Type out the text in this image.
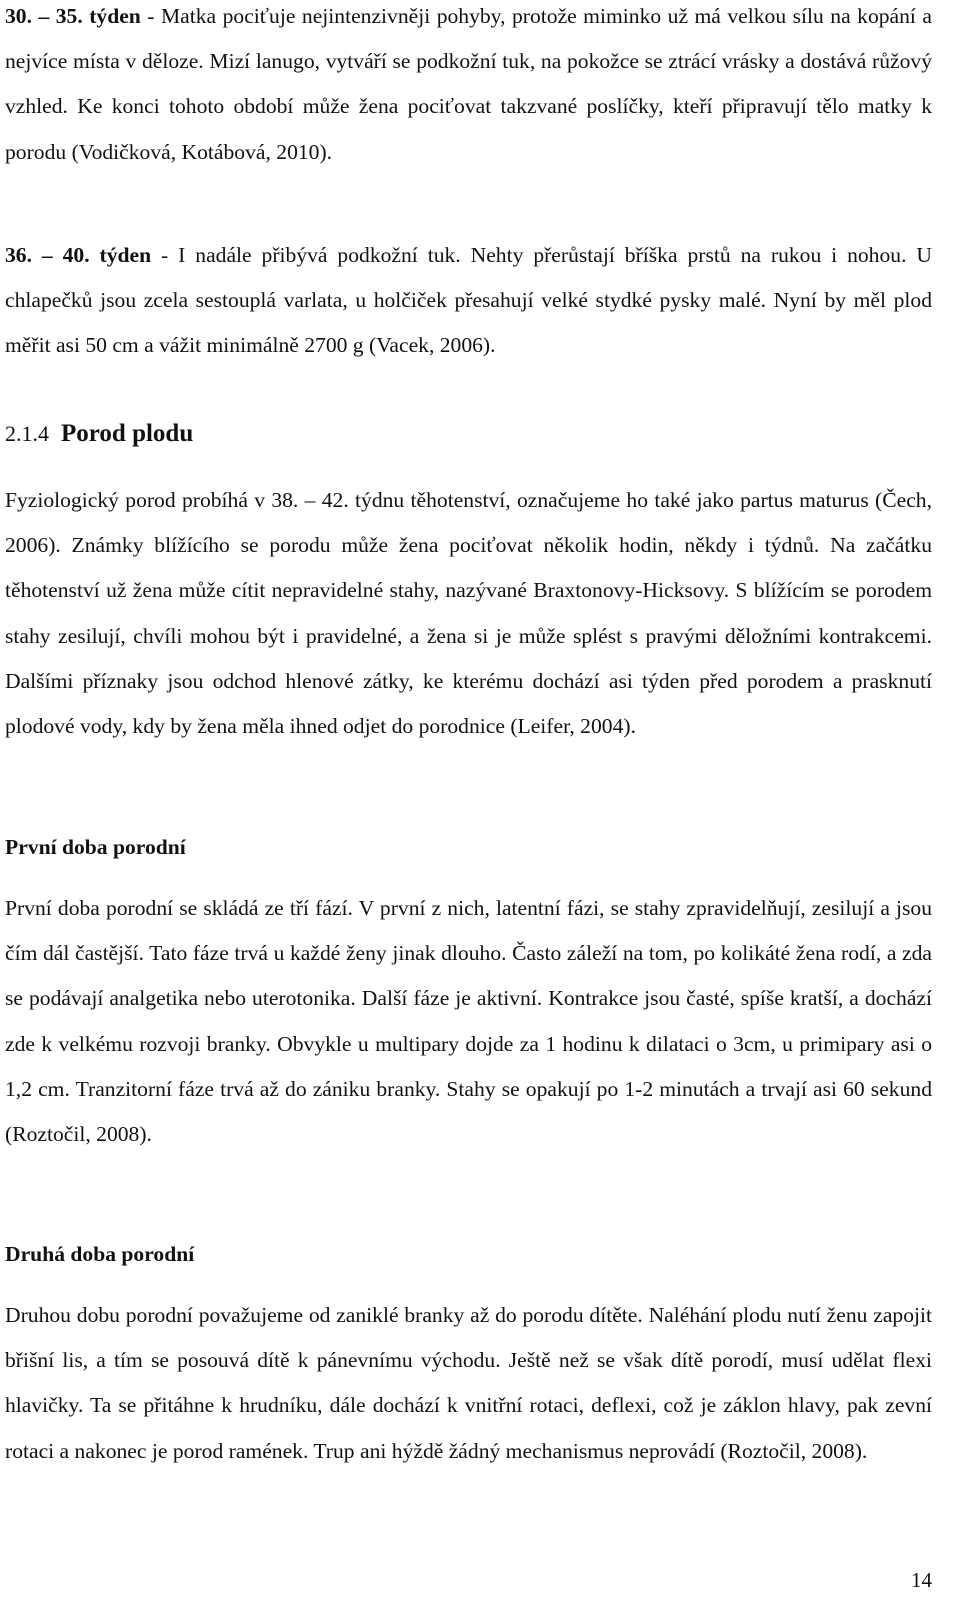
30. – 35. týden - Matka pociťuje nejintenzivněji pohyby, protože miminko už má velkou sílu na kopání a nejvíce místa v děloze. Mizí lanugo, vytváří se podkožní tuk, na pokožce se ztrácí vrásky a dostává růžový vzhled. Ke konci tohoto období může žena pociťovat takzvané poslíčky, kteří připravují tělo matky k porodu (Vodičková, Kotábová, 2010).

36. – 40. týden - I nadále přibývá podkožní tuk. Nehty přerůstají bříška prstů na rukou i nohou. U chlapečků jsou zcela sestouplá varlata, u holčiček přesahují velké stydké pysky malé. Nyní by měl plod měřit asi 50 cm a vážit minimálně 2700 g (Vacek, 2006).

2.1.4 Porod plodu

Fyziologický porod probíhá v 38. – 42. týdnu těhotenství, označujeme ho také jako partus maturus (Čech, 2006). Známky blížícího se porodu může žena pociťovat několik hodin, někdy i týdnů. Na začátku těhotenství už žena může cítit nepravidelné stahy, nazývané Braxtonovy-Hicksovy. S blížícím se porodem stahy zesilují, chvíli mohou být i pravidelné, a žena si je může splést s pravými děložními kontrakcemi. Dalšími příznaky jsou odchod hlenové zátky, ke kterému dochází asi týden před porodem a prasknutí plodové vody, kdy by žena měla ihned odjet do porodnice (Leifer, 2004).

První doba porodní

První doba porodní se skládá ze tří fází. V první z nich, latentní fázi, se stahy zpravidelňují, zesilují a jsou čím dál častější. Tato fáze trvá u každé ženy jinak dlouho. Často záleží na tom, po kolikáté žena rodí, a zda se podávají analgetika nebo uterotonika. Další fáze je aktivní. Kontrakce jsou časté, spíše kratší, a dochází zde k velkému rozvoji branky. Obvykle u multipary dojde za 1 hodinu k dilataci o 3cm, u primipary asi o 1,2 cm. Tranzitorní fáze trvá až do zániku branky. Stahy se opakují po 1-2 minutách a trvají asi 60 sekund (Roztočil, 2008).

Druhá doba porodní

Druhou dobu porodní považujeme od zaniklé branky až do porodu dítěte. Naléhání plodu nutí ženu zapojit břišní lis, a tím se posouvá dítě k pánevnímu východu. Ještě než se však dítě porodí, musí udělat flexi hlavičky. Ta se přitáhne k hrudníku, dále dochází k vnitřní rotaci, deflexi, což je záklon hlavy, pak zevní rotaci a nakonec je porod ramének. Trup ani hýždě žádný mechanismus neprovádí (Roztočil, 2008).

14
